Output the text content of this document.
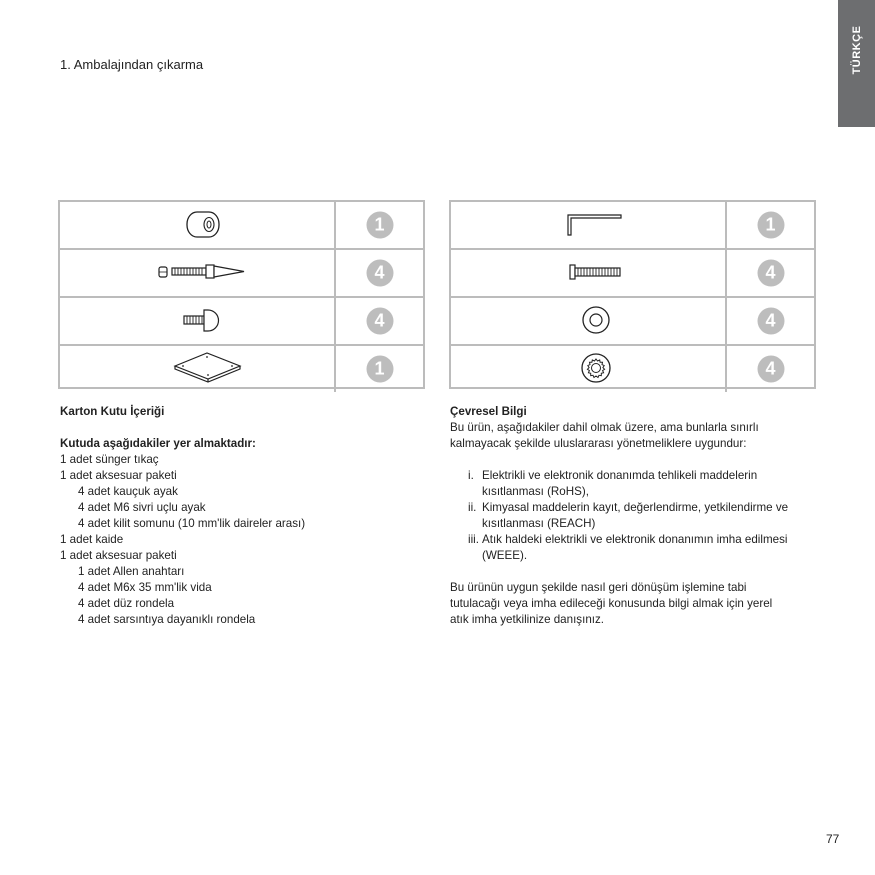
TÜRKÇE
1. Ambalajından çıkarma
1
4
4
1
1
4
4
4

Karton Kutu İçeriği

Kutuda aşağıdakiler yer almaktadır:

1 adet sünger tıkaç

1 adet aksesuar paketi

4 adet kauçuk ayak

4 adet M6 sivri uçlu ayak

4 adet kilit somunu (10 mm'lik daireler arası)

1 adet kaide

1 adet aksesuar paketi

1 adet Allen anahtarı

4 adet M6x 35 mm'lik vida

4 adet düz rondela

4 adet sarsıntıya dayanıklı rondela

Çevresel Bilgi

Bu ürün, aşağıdakiler dahil olmak üzere, ama bunlarla sınırlı

kalmayacak şekilde uluslararası yönetmeliklere uygundur:

i. Elektrikli ve elektronik donanımda tehlikeli maddelerin

kısıtlanması (RoHS),

ii. Kimyasal maddelerin kayıt, değerlendirme, yetkilendirme ve

kısıtlanması (REACH)

iii. Atık haldeki elektrikli ve elektronik donanımın imha edilmesi

(WEEE).

Bu ürünün uygun şekilde nasıl geri dönüşüm işlemine tabi

tutulacağı veya imha edileceği konusunda bilgi almak için yerel

atık imha yetkilinize danışınız.

77
